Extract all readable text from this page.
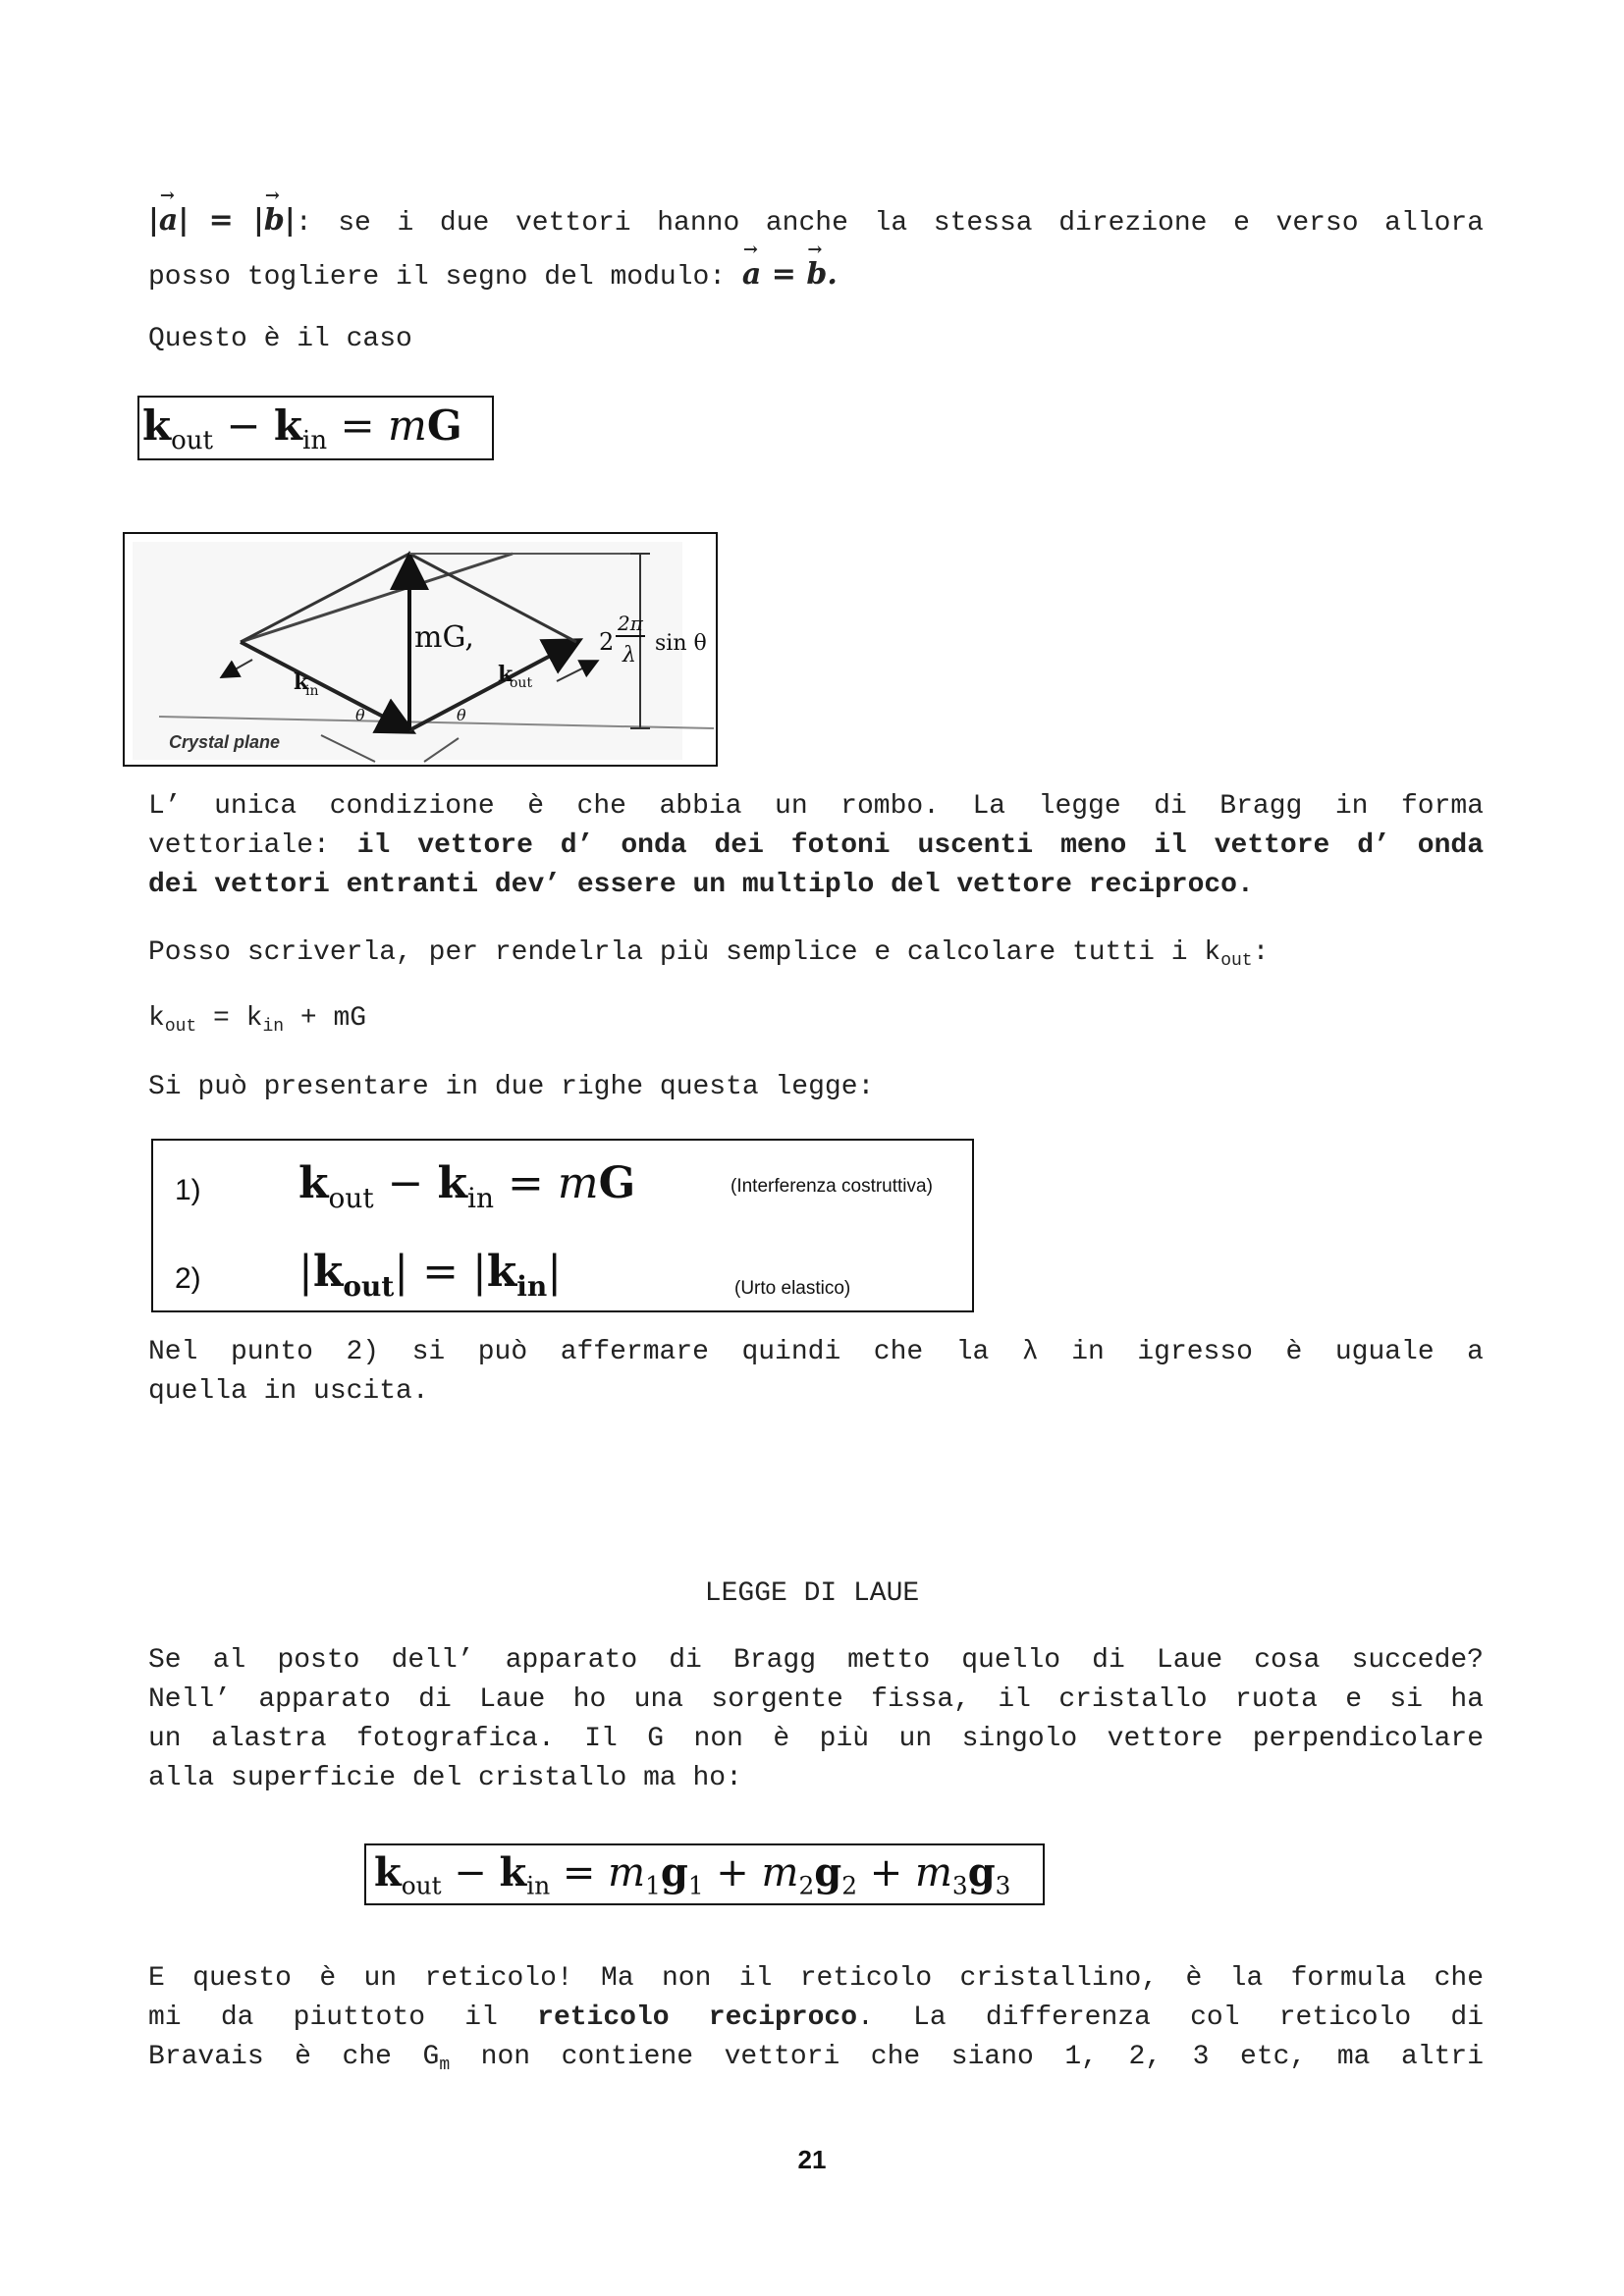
|a →| = |b →|: se i due vettori hanno anche la stessa direzione e verso allora
posso togliere il segno del modulo: a → = b →.
Questo è il caso
$k_{out} - k_{in}$ = mG
mG,
k
in
k
out
2
2π
λ sin θ
θ	θ
Crystal plane
L’ unica condizione è che abbia un rombo. La legge di Bragg in forma
vettoriale: il vettore d’ onda dei fotoni uscenti meno il vettore d’ onda
dei vettori entranti dev’ essere un multiplo del vettore reciproco.
Posso scriverla, per rendelrla più semplice e calcolare tutti i $k_{out}$:
$k_{out} = k_{in}$ + mG
Si può presentare in due righe questa legge:
1) $k_{out} - k_{in}$ = mG	(Interferenza costruttiva)
2) $|k_{out}| = |k_{in}|$	(Urto elastico)
Nel punto 2) si può affermare quindi che la λ in igresso è uguale a
quella in uscita.
LEGGE DI LAUE
Se al posto dell’ apparato di Bragg metto quello di Laue cosa succede?
Nell’ apparato di Laue ho una sorgente fissa, il cristallo ruota e si ha
un alastra fotografica. Il G non è più un singolo vettore perpendicolare
alla superficie del cristallo ma ho:
$k_{out} - k_{in} = m_1g_1 + m_2g_2 + m_3g_3$
E questo è un reticolo! Ma non il reticolo cristallino, è la formula che
mi da piuttoto il reticolo reciproco. La differenza col reticolo di
Bravais è che $G_m$ non contiene vettori che siano 1, 2, 3 etc, ma altri
21
